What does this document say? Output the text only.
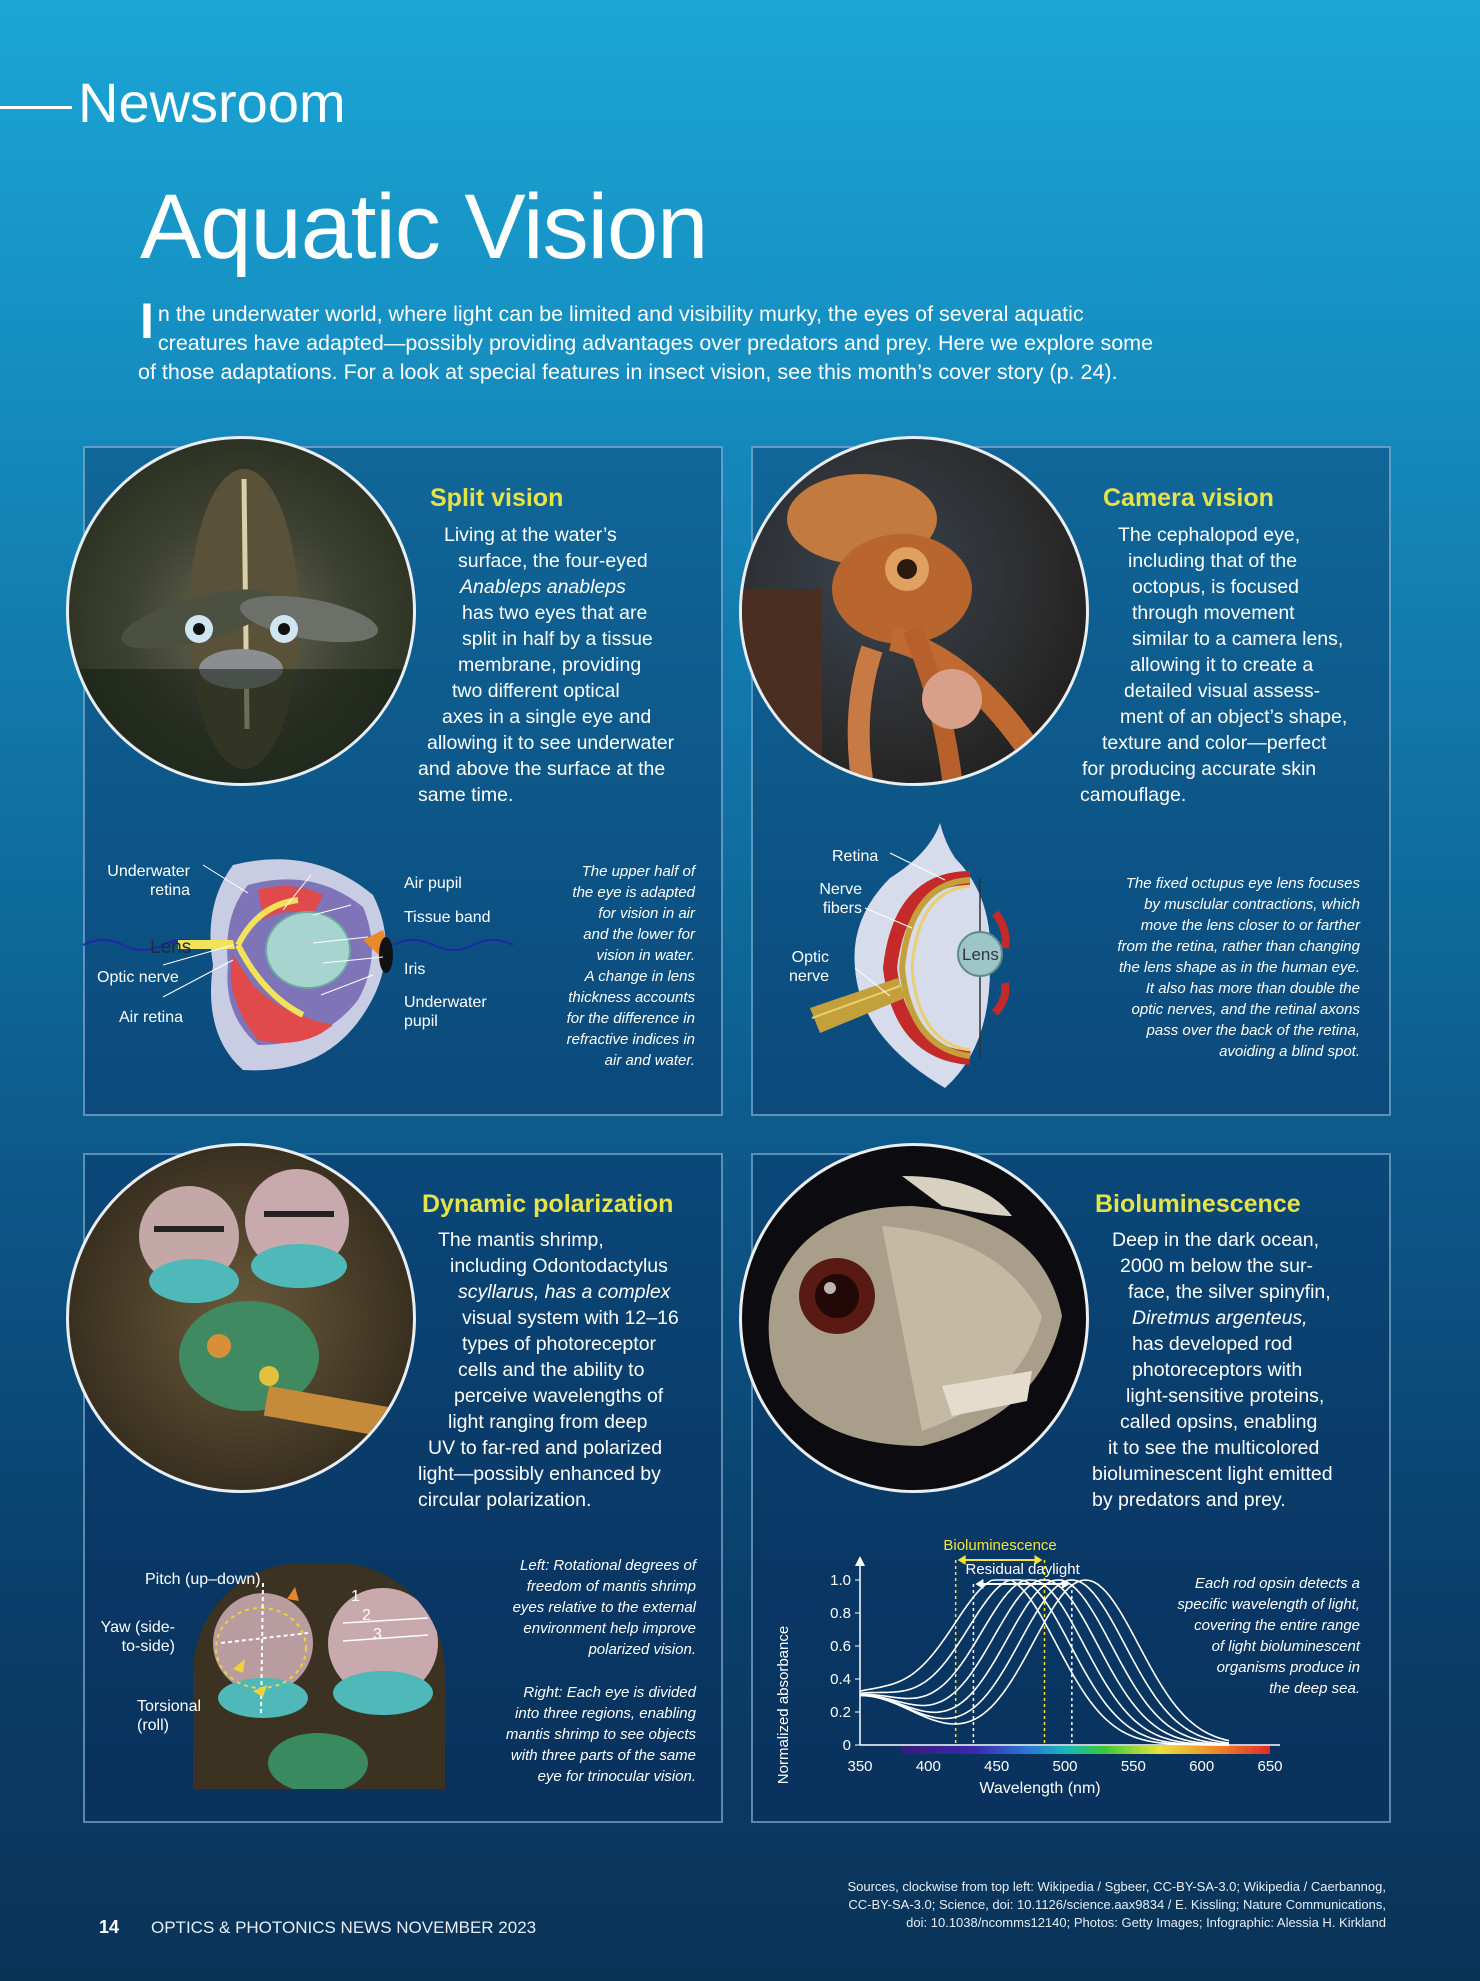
Newsroom
Aquatic Vision
I n the underwater world, where light can be limited and visibility murky, the eyes of several aquatic
creatures have adapted—possibly providing advantages over predators and prey. Here we explore some
of those adaptations. For a look at special features in insect vision, see this month’s cover story (p. 24).
Split vision
Living at the water’s
surface, the four-eyed
Anableps anableps
has two eyes that are
split in half by a tissue
membrane, providing
two different optical
axes in a single eye and
allowing it to see underwater
and above the surface at the
same time.
Lens
Underwater
retina
Optic nerve
Air retina
Air pupil
Tissue band
Iris
Underwater
pupil
The upper half of
the eye is adapted
for vision in air
and the lower for
vision in water.
A change in lens
thickness accounts
for the difference in
refractive indices in
air and water.
Camera vision
The cephalopod eye,
including that of the
octopus, is focused
through movement
similar to a camera lens,
allowing it to create a
detailed visual assess-
ment of an object’s shape,
texture and color—perfect
for producing accurate skin
camouflage.
Lens
Retina
Nerve
fibers
Optic
nerve
The fixed octupus eye lens focuses
by musclular contractions, which
move the lens closer to or farther
from the retina, rather than changing
the lens shape as in the human eye.
It also has more than double the
optic nerves, and the retinal axons
pass over the back of the retina,
avoiding a blind spot.
Dynamic polarization
The mantis shrimp,
including Odontodactylus
scyllarus, has a complex
visual system with 12–16
types of photoreceptor
cells and the ability to
perceive wavelengths of
light ranging from deep
UV to far-red and polarized
light—possibly enhanced by
circular polarization.
Pitch (up–down)
Yaw (side-
to-side)
Torsional
(roll)
1
2
3
Left: Rotational degrees of
freedom of mantis shrimp
eyes relative to the external
environment help improve
polarized vision.
Right: Each eye is divided
into three regions, enabling
mantis shrimp to see objects
with three parts of the same
eye for trinocular vision.
Bioluminescence
Deep in the dark ocean,
2000 m below the sur-
face, the silver spinyfin,
Diretmus argenteus,
has developed rod
photoreceptors with
light-sensitive proteins,
called opsins, enabling
it to see the multicolored
bioluminescent light emitted
by predators and prey.
Each rod opsin detects a
specific wavelength of light,
covering the entire range
of light bioluminescent
organisms produce in
the deep sea.
0
0.2
0.4
0.6
0.8
1.0
350	400	450	500	550	600	650
Bioluminescence
Residual daylight
Normalized absorbance
Wavelength (nm)
14 OPTICS & PHOTONICS NEWS NOVEMBER 2023
Sources, clockwise from top left: Wikipedia / Sgbeer, CC-BY-SA-3.0; Wikipedia / Caerbannog,
CC-BY-SA-3.0; Science, doi: 10.1126/science.aax9834 / E. Kissling; Nature Communications,
doi: 10.1038/ncomms12140; Photos: Getty Images; Infographic: Alessia H. Kirkland
